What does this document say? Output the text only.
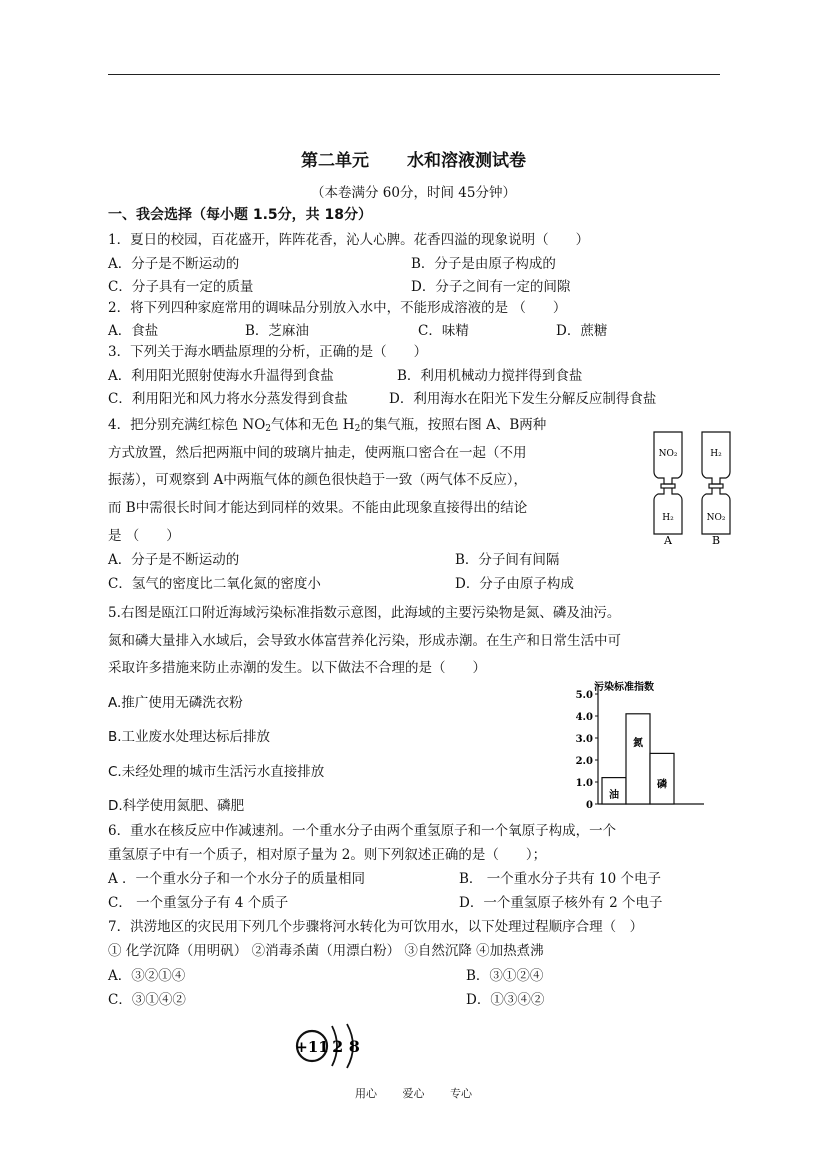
第二单元 水和溶液测试卷
（本卷满分 60分，时间 45分钟）
一、我会选择（每小题 1.5分，共 18分）
1．夏日的校园，百花盛开，阵阵花香，沁人心脾。花香四溢的现象说明（　　）
A．分子是不断运动的	B．分子是由原子构成的
C．分子具有一定的质量	D．分子之间有一定的间隙
2．将下列四种家庭常用的调味品分别放入水中，不能形成溶液的是 （　　）
A．食盐	B．芝麻油	C．味精	D．蔗糖
3．下列关于海水晒盐原理的分析，正确的是（　　）
A．利用阳光照射使海水升温得到食盐	B．利用机械动力搅拌得到食盐
C．利用阳光和风力将水分蒸发得到食盐	D．利用海水在阳光下发生分解反应制得食盐
4．把分别充满红棕色 $NO_2$气体和无色 $H_2$的集气瓶，按照右图 A、B两种
方式放置，然后把两瓶中间的玻璃片抽走，使两瓶口密合在一起（不用
振荡），可观察到 A中两瓶气体的颜色很快趋于一致（两气体不反应），
而 B中需很长时间才能达到同样的效果。不能由此现象直接得出的结论
是 （　　）
A．分子是不断运动的	B．分子间有间隔
C．氢气的密度比二氧化氮的密度小	D．分子由原子构成
NO₂
H₂
H₂
NO₂
A	B
5.右图是瓯江口附近海域污染标准指数示意图，此海域的主要污染物是氮、磷及油污。
氮和磷大量排入水域后，会导致水体富营养化污染，形成赤潮。在生产和日常生活中可
采取许多措施来防止赤潮的发生。以下做法不合理的是（　　）
A.推广使用无磷洗衣粉
B.工业废水处理达标后排放
C.未经处理的城市生活污水直接排放
D.科学使用氮肥、磷肥
污染标准指数
0
1.0
2.0
3.0
4.0
5.0
油
氮
磷
6．重水在核反应中作减速剂。一个重水分子由两个重氢原子和一个氧原子构成，一个
重氢原子中有一个质子，相对原子量为 2。则下列叙述正确的是（　　）；
A ．一个重水分子和一个水分子的质量相同	B． 一个重水分子共有 10 个电子
C． 一个重氢分子有 4 个质子	D．一个重氢原子核外有 2 个电子
7．洪涝地区的灾民用下列几个步骤将河水转化为可饮用水，以下处理过程顺序合理（　）
① 化学沉降（用明矾） ②消毒杀菌（用漂白粉） ③自然沉降 ④加热煮沸
A．③②①④	B．③①②④
C．③①④②	D．①③④②
+11 2 8
用心 爱心 专心
